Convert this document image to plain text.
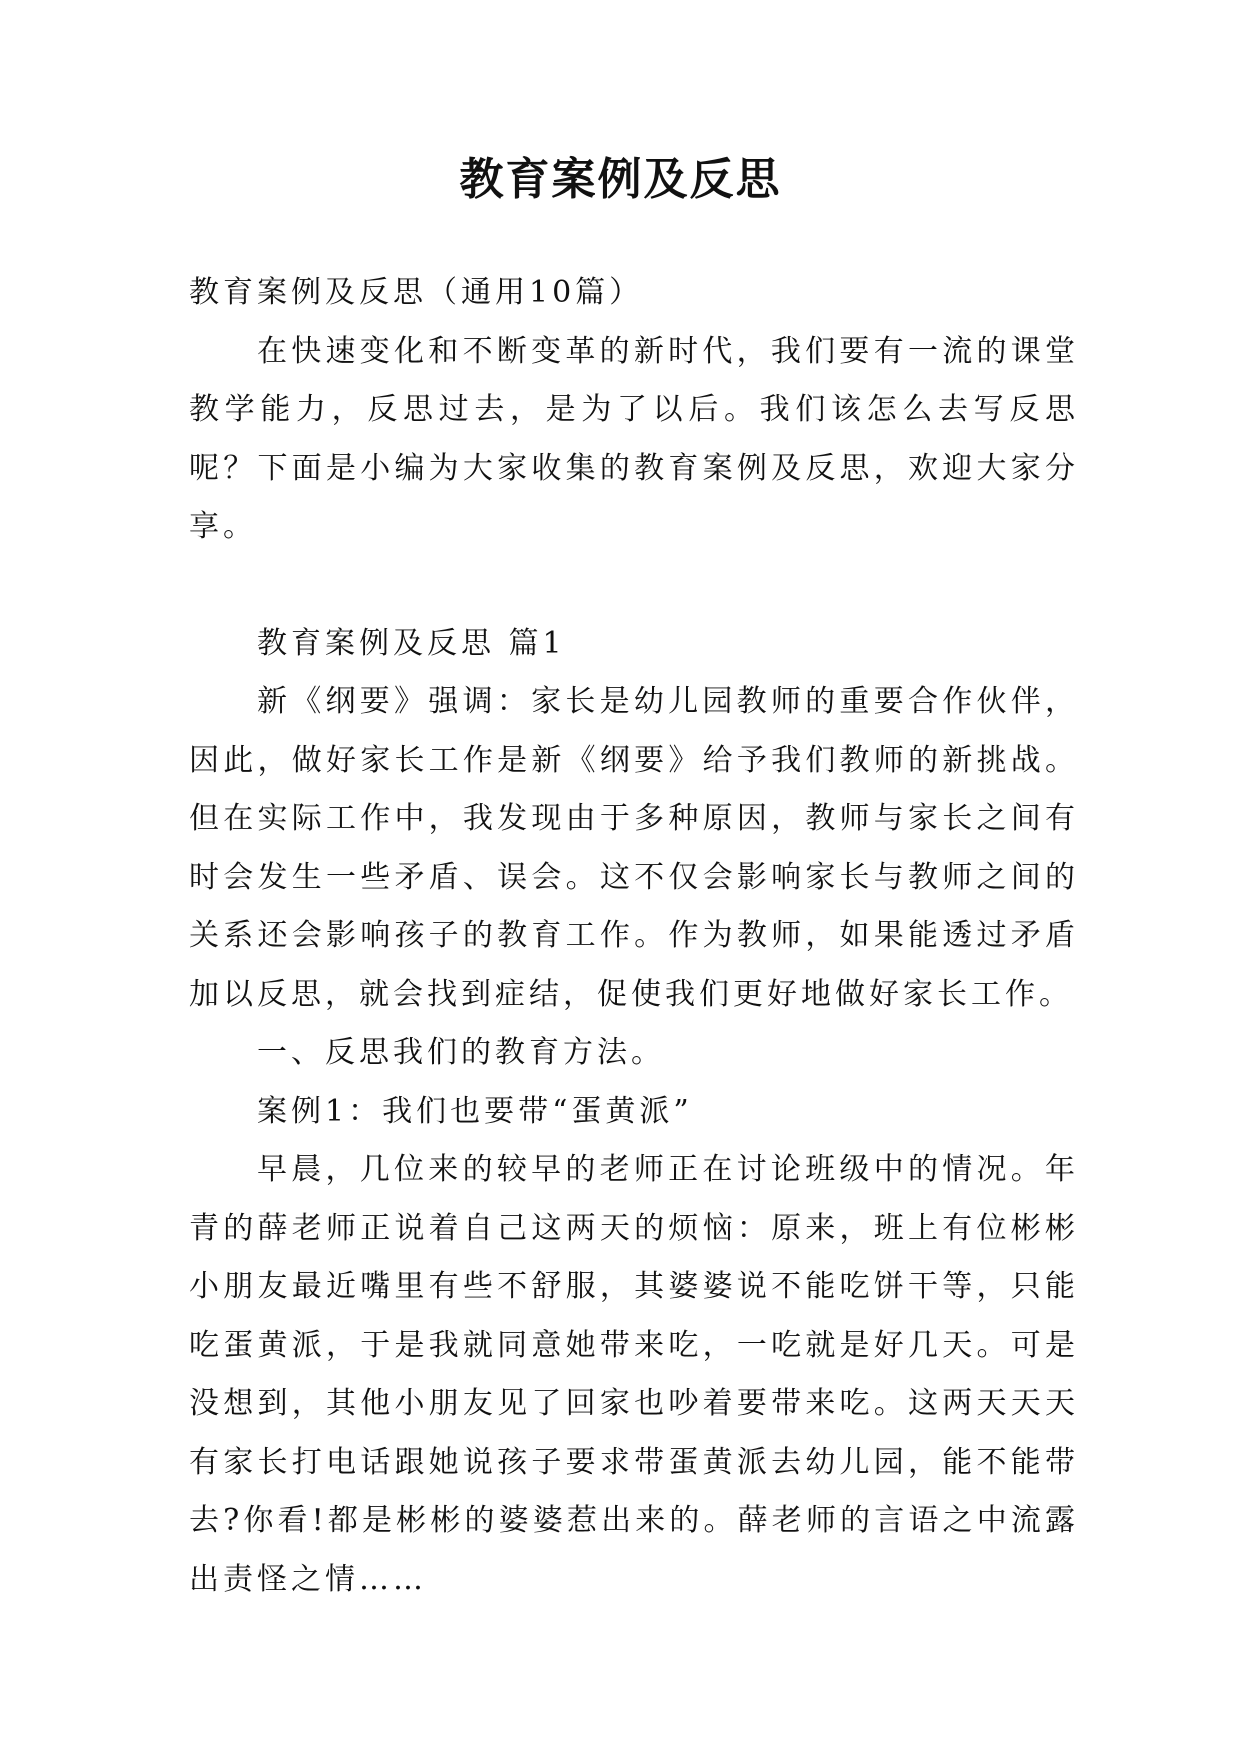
教育案例及反思

教育案例及反思（通用10篇）

在快速变化和不断变革的新时代，我们要有一流的课堂教学能力，反思过去，是为了以后。我们该怎么去写反思呢？下面是小编为大家收集的教育案例及反思，欢迎大家分享。

教育案例及反思 篇1

新《纲要》强调：家长是幼儿园教师的重要合作伙伴，因此，做好家长工作是新《纲要》给予我们教师的新挑战。但在实际工作中，我发现由于多种原因，教师与家长之间有时会发生一些矛盾、误会。这不仅会影响家长与教师之间的关系还会影响孩子的教育工作。作为教师，如果能透过矛盾加以反思，就会找到症结，促使我们更好地做好家长工作。

一、反思我们的教育方法。

案例1：我们也要带“蛋黄派”

早晨，几位来的较早的老师正在讨论班级中的情况。年青的薛老师正说着自己这两天的烦恼：原来，班上有位彬彬小朋友最近嘴里有些不舒服，其婆婆说不能吃饼干等，只能吃蛋黄派，于是我就同意她带来吃，一吃就是好几天。可是没想到，其他小朋友见了回家也吵着要带来吃。这两天天天有家长打电话跟她说孩子要求带蛋黄派去幼儿园，能不能带去?你看!都是彬彬的婆婆惹出来的。薛老师的言语之中流露出责怪之情……
